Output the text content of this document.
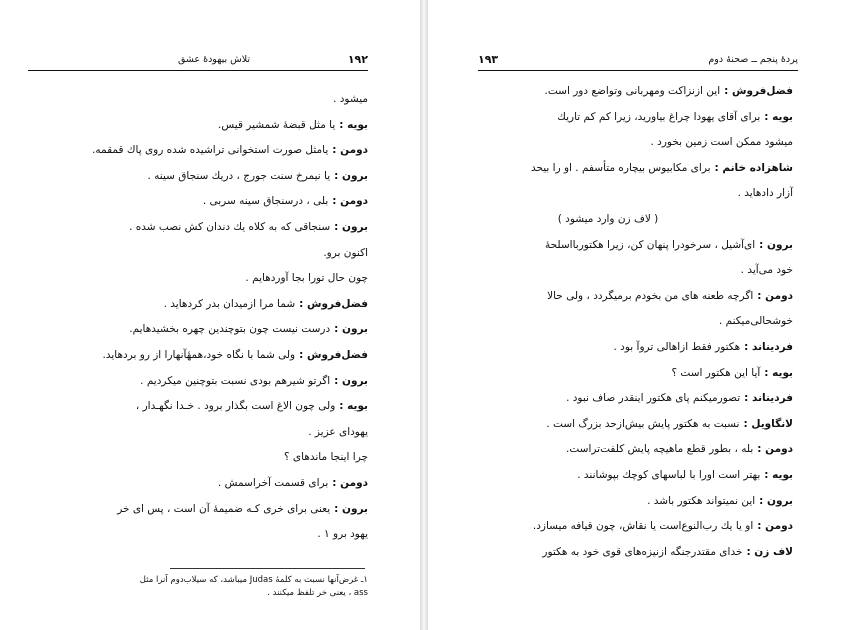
۱۹۲
تلاش بیهودهٔ عشق
میشود .
بویه :یا مثل قبضهٔ شمشیر قیس.
دومن :یامثل صورت استخوانی تراشیده شده روی پاك قمقمه.
برون :یا نیمرخ سنت جورج ، دریك سنجاق سینه .
دومن :بلی ، درسنجاق سینه سربی .
برون :سنجاقی که به کلاه یك دندان کش نصب شده .
اکنون برو.
چون حال تورا بجا آوردهایم .
فضل‌فروش :شما مرا ازمیدان بدر کردهاید .
برون :درست نیست چون بتوچندین چهره بخشیدهایم.
فضل‌فروش :ولی شما با نگاه خود،همهٔآنهارا از رو بردهاید.
برون :اگرتو شیرهم بودی نسبت بتوچنین میکردیم .
بویه :ولی چون الاغ است بگذار برود . خـدا نگهـدار ،
یهودای عزیز .
چرا اینجا ماندهای ؟
دومن :برای قسمت آخراسمش .
برون :یعنی برای خری کـه ضمیمهٔ آن است ، پس ای خر
یهود برو ۱ .
۱ـ غرض‌آنها نسبت به کلمهٔ Judas میباشد، که سیلاب‌دوم آنرا مثل
ass ، یعنی خر تلفظ میکنند .
۱۹۳	پردهٔ پنجم ــ صحنهٔ دوم
فضل‌فروش :این ازنزاکت ومهربانی وتواضع دور است.
بویه :برای آقای یهودا چراغ بیاورید، زیرا کم کم تاریك
میشود ممکن است زمین بخورد .
شاهزاده خانم :برای مکابیوس بیچاره متأسفم . او را بیحد
آزار دادهاید .
( لاف زن وارد میشود )
برون :ای‌آشیل ، سرخودرا پنهان کن، زیرا هکتوربااسلحهٔ
خود می‌آید .
دومن :اگرچه طعنه های من بخودم برمیگردد ، ولی حالا
خوشحالی‌میکنم .
فردیناند :هکتور فقط ازاهالی تروآ بود .
بویه :آیا این هکتور است ؟
فردیناند :تصورمیکنم پای هکتور اینقدر صاف نبود .
لانگاویل :نسبت به هکتور پایش بیش‌ازحد بزرگ است .
دومن :بله ، بطور قطع ماهیچه پایش کلفت‌تراست.
بویه :بهتر است اورا با لباسهای کوچك بپوشانند .
برون :این نمیتواند هکتور باشد .
دومن :او یا یك رب‌النوع‌است یا نقاش، چون قیافه میسازد.
لاف زن :خدای مقتدرجنگه ازنیزه‌های قوی خود به هکتور
